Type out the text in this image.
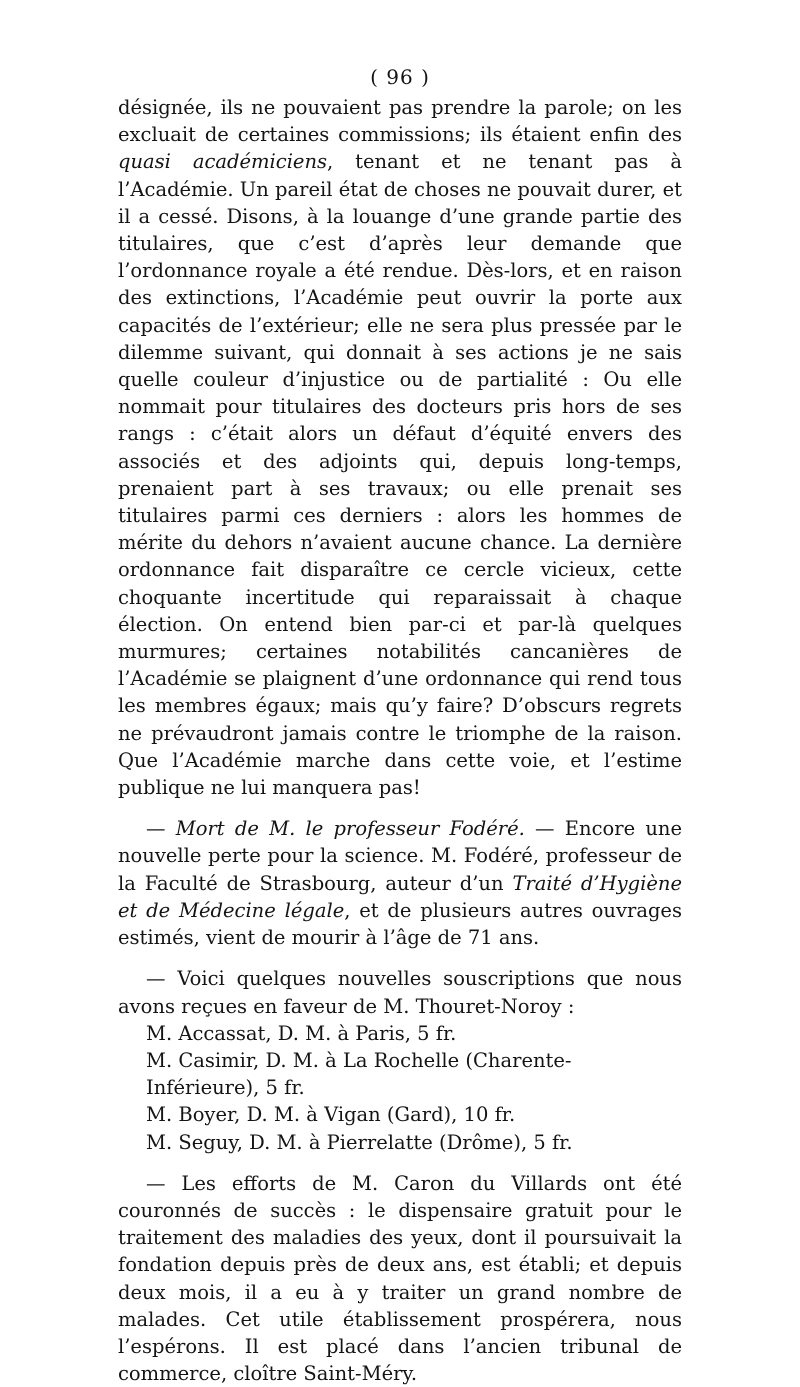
( 96 )

désignée, ils ne pouvaient pas prendre la parole; on les excluait de certaines commissions; ils étaient enfin des quasi académiciens, tenant et ne tenant pas à l’Académie. Un pareil état de choses ne pouvait durer, et il a cessé. Disons, à la louange d’une grande partie des titulaires, que c’est d’après leur demande que l’ordonnance royale a été rendue. Dès-lors, et en raison des extinctions, l’Académie peut ouvrir la porte aux capacités de l’extérieur; elle ne sera plus pressée par le dilemme suivant, qui donnait à ses actions je ne sais quelle couleur d’injustice ou de partialité : Ou elle nommait pour titulaires des docteurs pris hors de ses rangs : c’était alors un défaut d’équité envers des associés et des adjoints qui, depuis long-temps, prenaient part à ses travaux; ou elle prenait ses titulaires parmi ces derniers : alors les hommes de mérite du dehors n’avaient aucune chance. La dernière ordonnance fait disparaître ce cercle vicieux, cette choquante incertitude qui reparaissait à chaque élection. On entend bien par-ci et par-là quelques murmures; certaines notabilités cancanières de l’Académie se plaignent d’une ordonnance qui rend tous les membres égaux; mais qu’y faire? D’obscurs regrets ne prévaudront jamais contre le triomphe de la raison. Que l’Académie marche dans cette voie, et l’estime publique ne lui manquera pas!

— Mort de M. le professeur Fodéré. — Encore une nouvelle perte pour la science. M. Fodéré, professeur de la Faculté de Strasbourg, auteur d’un Traité d’Hygiène et de Médecine légale, et de plusieurs autres ouvrages estimés, vient de mourir à l’âge de 71 ans.

— Voici quelques nouvelles souscriptions que nous avons reçues en faveur de M. Thouret-Noroy :

M. Accassat, D. M. à Paris, 5 fr.
M. Casimir, D. M. à La Rochelle (Charente-Inférieure), 5 fr.
M. Boyer, D. M. à Vigan (Gard), 10 fr.
M. Seguy, D. M. à Pierrelatte (Drôme), 5 fr.

— Les efforts de M. Caron du Villards ont été couronnés de succès : le dispensaire gratuit pour le traitement des maladies des yeux, dont il poursuivait la fondation depuis près de deux ans, est établi; et depuis deux mois, il a eu à y traiter un grand nombre de malades. Cet utile établissement prospérera, nous l’espérons. Il est placé dans l’ancien tribunal de commerce, cloître Saint-Méry.
